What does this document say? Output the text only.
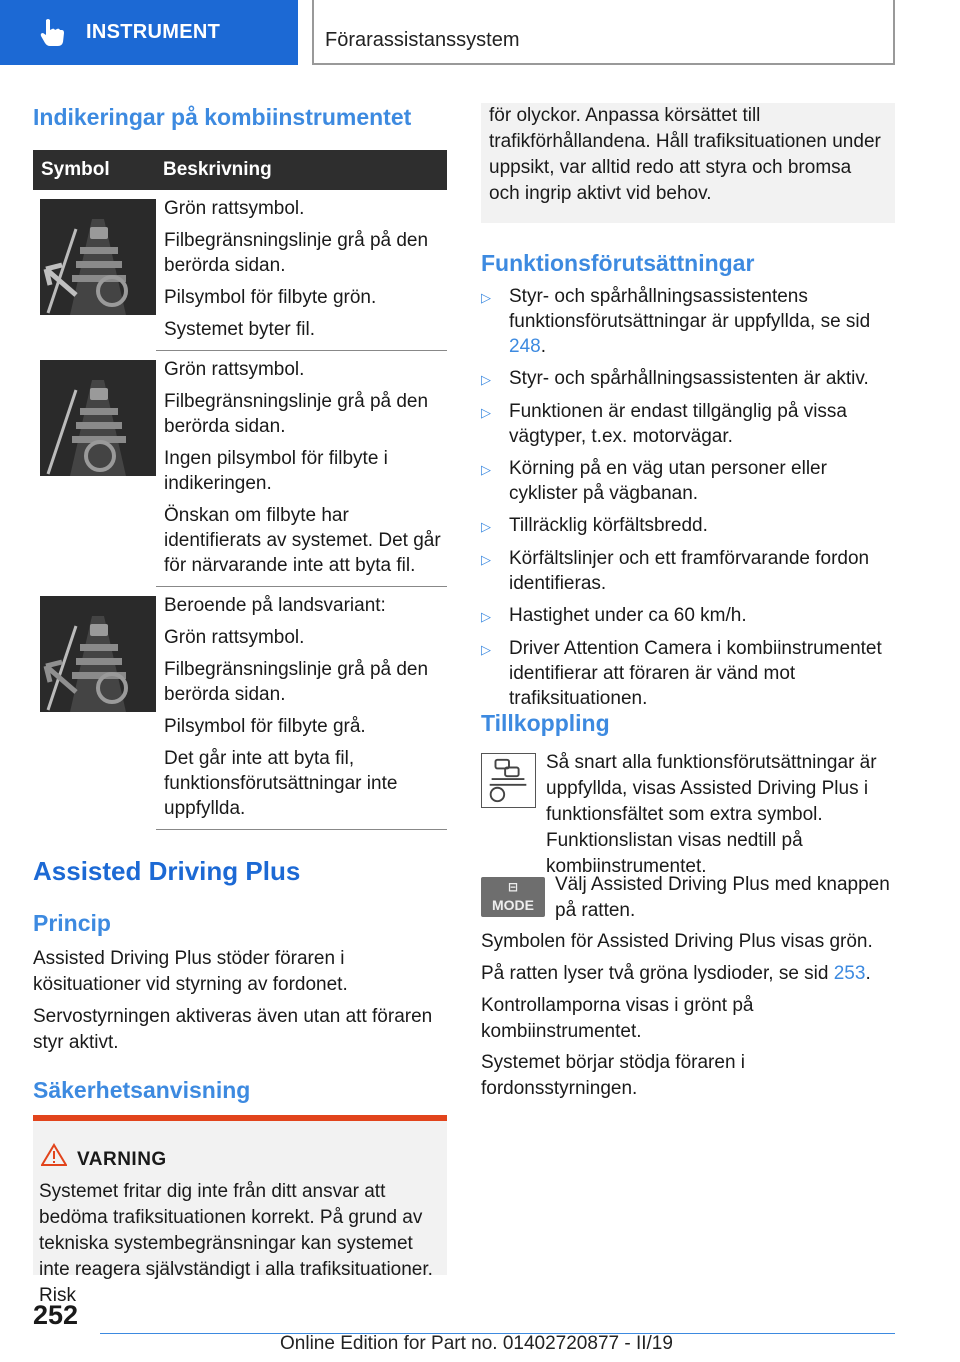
INSTRUMENT	Förarassistanssystem
Indikeringar på kombiinstrumentet
Symbol	Beskrivning

Grön rattsymbol.

Filbegränsningslinje grå på den berörda sidan.

Pilsymbol för filbyte grön.

Systemet byter fil.

Grön rattsymbol.

Filbegränsningslinje grå på den berörda sidan.

Ingen pilsymbol för filbyte i indikeringen.

Önskan om filbyte har identifierats av systemet. Det går för närvarande inte att byta fil.

Beroende på landsvariant:

Grön rattsymbol.

Filbegränsningslinje grå på den berörda sidan.

Pilsymbol för filbyte grå.

Det går inte att byta fil, funktionsförutsättningar inte uppfyllda.

Assisted Driving Plus
Princip

Assisted Driving Plus stöder föraren i kösituationer vid styrning av fordonet.

Servostyrningen aktiveras även utan att föraren styr aktivt.

Säkerhetsanvisning
VARNING

Systemet fritar dig inte från ditt ansvar att bedöma trafiksituationen korrekt. På grund av tekniska systembegränsningar kan systemet inte reagera självständigt i alla trafiksituationer. Risk

för olyckor. Anpassa körsättet till trafikförhållandena. Håll trafiksituationen under uppsikt, var alltid redo att styra och bromsa och ingrip aktivt vid behov.

Funktionsförutsättningar
▷ Styr- och spårhållningsassistentens funktionsförutsättningar är uppfyllda, se sid 248.
▷ Styr- och spårhållningsassistenten är aktiv.
▷ Funktionen är endast tillgänglig på vissa vägtyper, t.ex. motorvägar.
▷ Körning på en väg utan personer eller cyklister på vägbanan.
▷ Tillräcklig körfältsbredd.
▷ Körfältslinjer och ett framförvarande fordon identifieras.
▷ Hastighet under ca 60 km/h.
▷ Driver Attention Camera i kombiinstrumentet identifierar att föraren är vänd mot trafiksituationen.
Tillkoppling

Så snart alla funktionsförutsättningar är uppfyllda, visas Assisted Driving Plus i funktionsfältet som extra symbol. Funktionslistan visas nedtill på kombiinstrumentet.

⊟
MODE

Välj Assisted Driving Plus med knappen på ratten.

Symbolen för Assisted Driving Plus visas grön.

På ratten lyser två gröna lysdioder, se sid 253.

Kontrollamporna visas i grönt på kombiinstrumentet.

Systemet börjar stödja föraren i fordonsstyrningen.

252
Online Edition for Part no. 01402720877 - II/19
